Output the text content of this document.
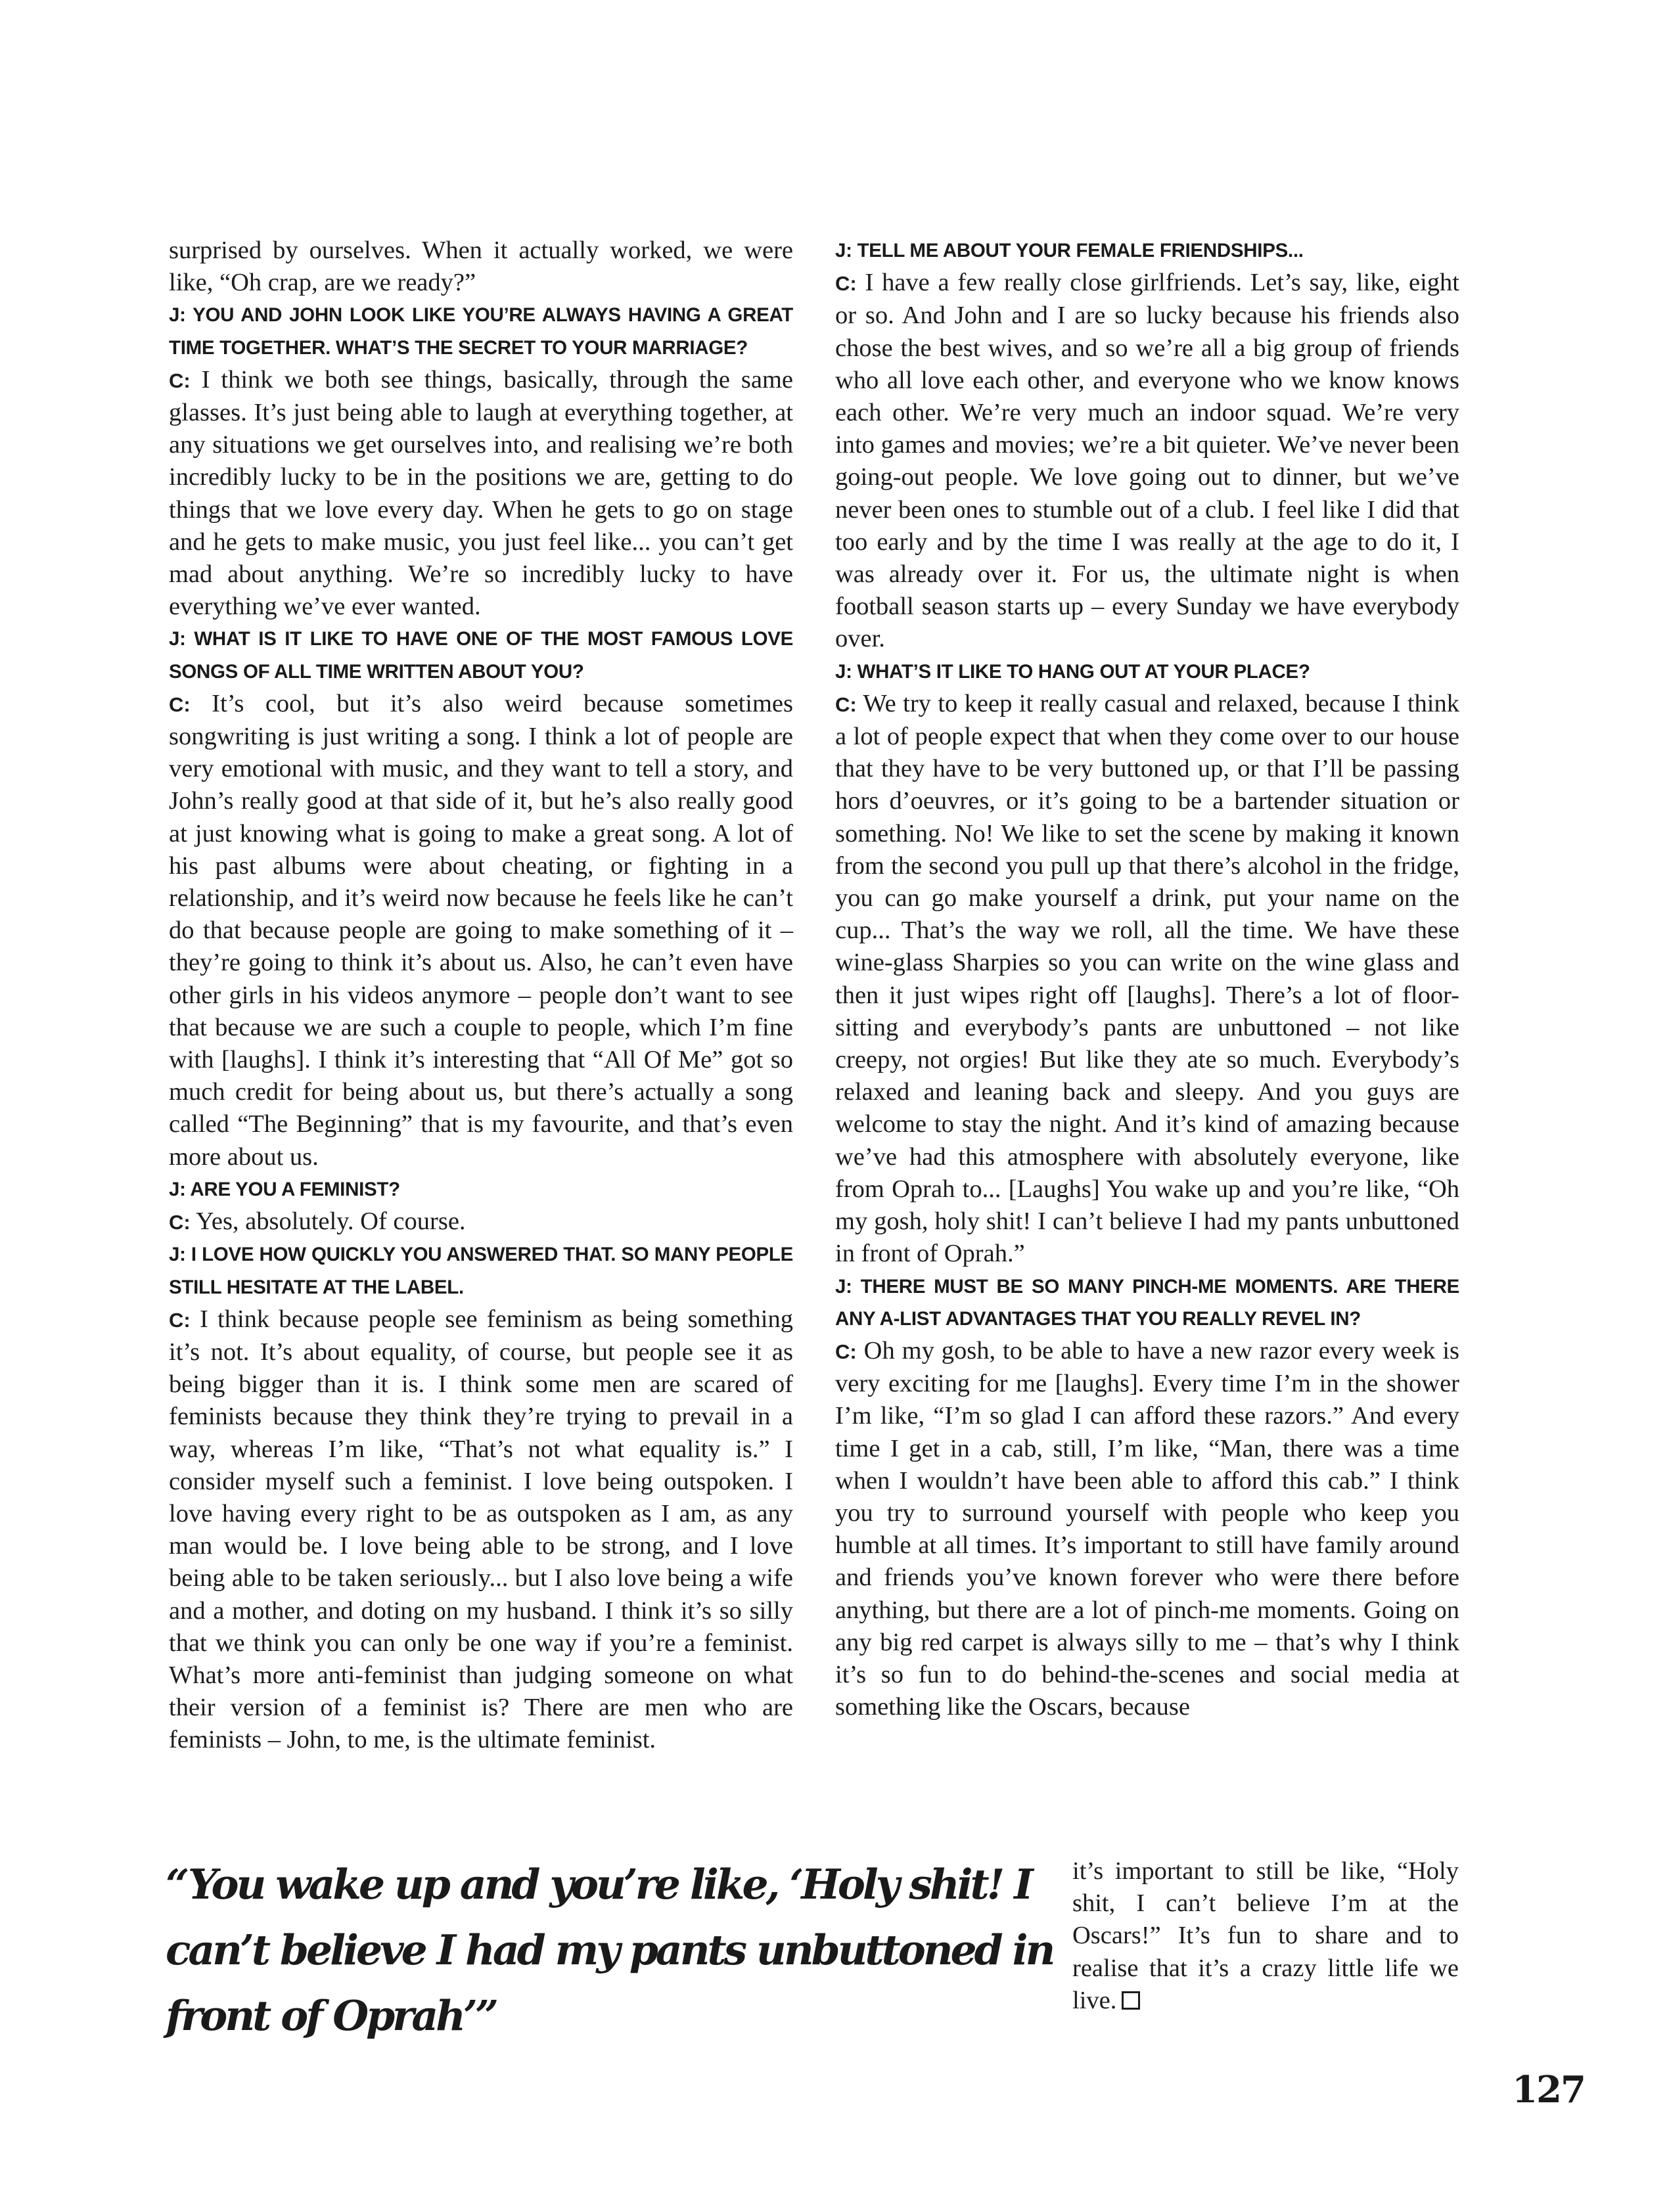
surprised by ourselves. When it actually worked, we were like, “Oh crap, are we ready?”

J: YOU AND JOHN LOOK LIKE YOU’RE ALWAYS HAVING A GREAT TIME TOGETHER. WHAT’S THE SECRET TO YOUR MARRIAGE?

C: I think we both see things, basically, through the same glasses. It’s just being able to laugh at everything together, at any situations we get ourselves into, and realising we’re both incredibly lucky to be in the positions we are, getting to do things that we love every day. When he gets to go on stage and he gets to make music, you just feel like... you can’t get mad about anything. We’re so incredibly lucky to have everything we’ve ever wanted.

J: WHAT IS IT LIKE TO HAVE ONE OF THE MOST FAMOUS LOVE SONGS OF ALL TIME WRITTEN ABOUT YOU?

C: It’s cool, but it’s also weird because sometimes songwriting is just writing a song. I think a lot of people are very emotional with music, and they want to tell a story, and John’s really good at that side of it, but he’s also really good at just knowing what is going to make a great song. A lot of his past albums were about cheating, or fighting in a relationship, and it’s weird now because he feels like he can’t do that because people are going to make something of it – they’re going to think it’s about us. Also, he can’t even have other girls in his videos anymore – people don’t want to see that because we are such a couple to people, which I’m fine with [laughs]. I think it’s interesting that “All Of Me” got so much credit for being about us, but there’s actually a song called “The Beginning” that is my favourite, and that’s even more about us.

J: ARE YOU A FEMINIST?

C: Yes, absolutely. Of course.

J: I LOVE HOW QUICKLY YOU ANSWERED THAT. SO MANY PEOPLE STILL HESITATE AT THE LABEL.

C: I think because people see feminism as being something it’s not. It’s about equality, of course, but people see it as being bigger than it is. I think some men are scared of feminists because they think they’re trying to prevail in a way, whereas I’m like, “That’s not what equality is.” I consider myself such a feminist. I love being outspoken. I love having every right to be as outspoken as I am, as any man would be. I love being able to be strong, and I love being able to be taken seriously... but I also love being a wife and a mother, and doting on my husband. I think it’s so silly that we think you can only be one way if you’re a feminist. What’s more anti-feminist than judging someone on what their version of a feminist is? There are men who are feminists – John, to me, is the ultimate feminist.

J: TELL ME ABOUT YOUR FEMALE FRIENDSHIPS...

C: I have a few really close girlfriends. Let’s say, like, eight or so. And John and I are so lucky because his friends also chose the best wives, and so we’re all a big group of friends who all love each other, and everyone who we know knows each other. We’re very much an indoor squad. We’re very into games and movies; we’re a bit quieter. We’ve never been going-out people. We love going out to dinner, but we’ve never been ones to stumble out of a club. I feel like I did that too early and by the time I was really at the age to do it, I was already over it. For us, the ultimate night is when football season starts up – every Sunday we have everybody over.

J: WHAT’S IT LIKE TO HANG OUT AT YOUR PLACE?

C: We try to keep it really casual and relaxed, because I think a lot of people expect that when they come over to our house that they have to be very buttoned up, or that I’ll be passing hors d’oeuvres, or it’s going to be a bartender situation or something. No! We like to set the scene by making it known from the second you pull up that there’s alcohol in the fridge, you can go make yourself a drink, put your name on the cup... That’s the way we roll, all the time. We have these wine-glass Sharpies so you can write on the wine glass and then it just wipes right off [laughs]. There’s a lot of floor-sitting and everybody’s pants are unbuttoned – not like creepy, not orgies! But like they ate so much. Everybody’s relaxed and leaning back and sleepy. And you guys are welcome to stay the night. And it’s kind of amazing because we’ve had this atmosphere with absolutely everyone, like from Oprah to... [Laughs] You wake up and you’re like, “Oh my gosh, holy shit! I can’t believe I had my pants unbuttoned in front of Oprah.”

J: THERE MUST BE SO MANY PINCH-ME MOMENTS. ARE THERE ANY A-LIST ADVANTAGES THAT YOU REALLY REVEL IN?

C: Oh my gosh, to be able to have a new razor every week is very exciting for me [laughs]. Every time I’m in the shower I’m like, “I’m so glad I can afford these razors.” And every time I get in a cab, still, I’m like, “Man, there was a time when I wouldn’t have been able to afford this cab.” I think you try to surround yourself with people who keep you humble at all times. It’s important to still have family around and friends you’ve known forever who were there before anything, but there are a lot of pinch-me moments. Going on any big red carpet is always silly to me – that’s why I think it’s so fun to do behind-the-scenes and social media at something like the Oscars, because

it’s important to still be like, “Holy shit, I can’t believe I’m at the Oscars!” It’s fun to share and to realise that it’s a crazy little life we live.
“You wake up and you’re like, ‘Holy shit! I can’t believe I had my pants unbuttoned in front of Oprah’”
127
